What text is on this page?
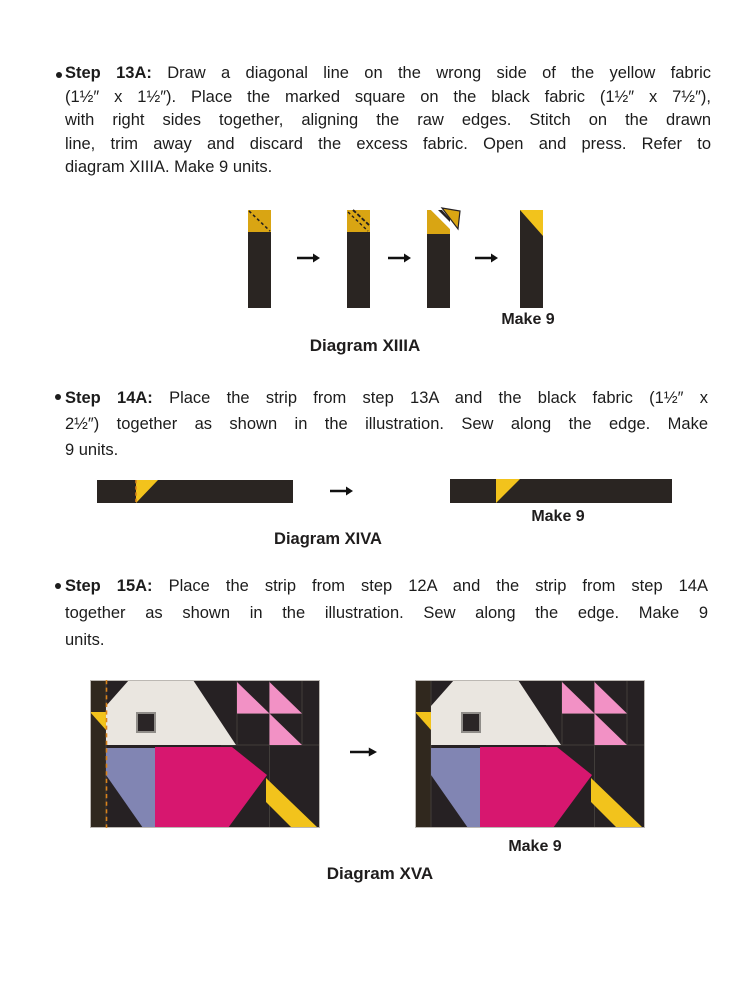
Step 13A: Draw a diagonal line on the wrong side of the yellow fabric
(1½″ x 1½″). Place the marked square on the black fabric (1½″ x 7½″),
with right sides together, aligning the raw edges. Stitch on the drawn
line, trim away and discard the excess fabric. Open and press. Refer to
diagram XIIIA. Make 9 units.
Make 9
Diagram XIIIA
Step 14A: Place the strip from step 13A and the black fabric (1½″ x
2½″) together as shown in the illustration. Sew along the edge. Make
9 units.
Make 9
Diagram XIVA
Step 15A: Place the strip from step 12A and the strip from step 14A
together as shown in the illustration. Sew along the edge. Make 9
units.
Make 9
Diagram XVA
